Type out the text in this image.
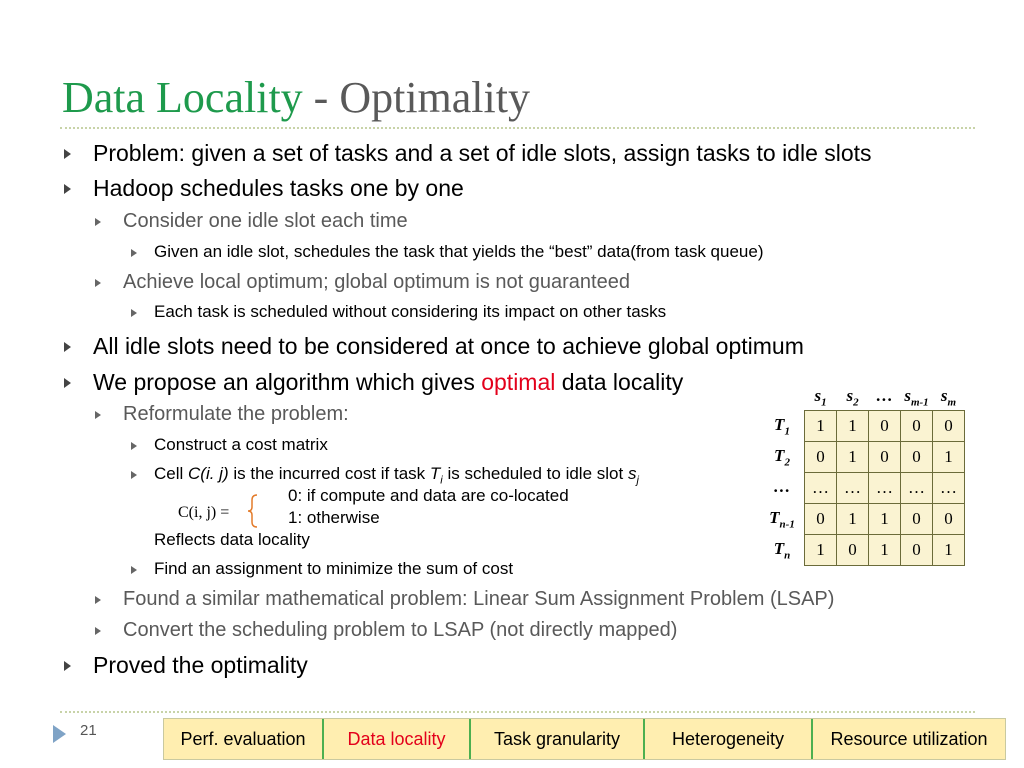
Data Locality - Optimality
Problem: given a set of tasks and a set of idle slots, assign tasks to idle slots
Hadoop schedules tasks one by one
Consider one idle slot each time
Given an idle slot, schedules the task that yields the “best” data(from task queue)
Achieve local optimum; global optimum is not guaranteed
Each task is scheduled without considering its impact on other tasks
All idle slots need to be considered at once to achieve global optimum
We propose an algorithm which gives optimal data locality
Reformulate the problem:
Construct a cost matrix
Cell C(i. j) is the incurred cost if task $T_i$ is scheduled to idle slot $s_j$
C(i, j) =
0: if compute and data are co-located
1: otherwise
Reflects data locality
Find an assignment to minimize the sum of cost
Found a similar mathematical problem: Linear Sum Assignment Problem (LSAP)
Convert the scheduling problem to LSAP (not directly mapped)
Proved the optimality
	$s_1$	$s_2$	…	$s_{m-1}$	$s_m$
$T_1$	1	1	0	0	0
$T_2$	0	1	0	0	1
…	…	…	…	…	…
$T_{n-1}$	0	1	1	0	0
$T_n$	1	0	1	0	1
21	Perf. evaluation	Data locality	Task granularity	Heterogeneity	Resource utilization
